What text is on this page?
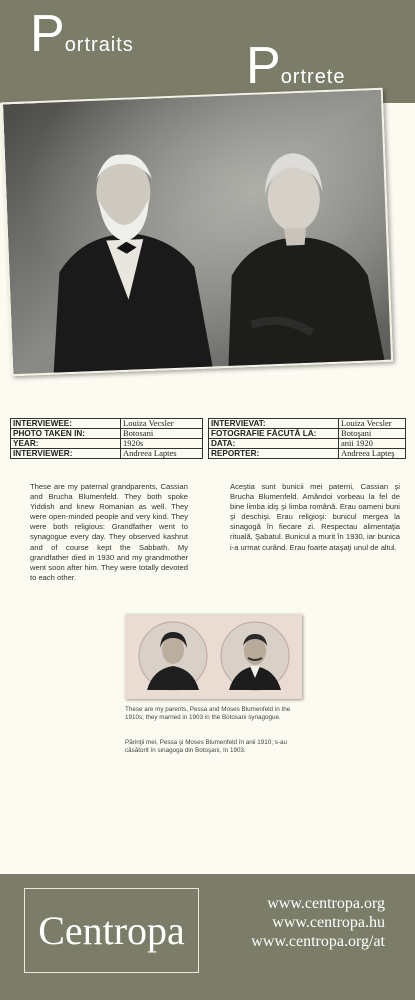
Portraits Portrete
INTERVIEWEE:	Louiza Vecsler
PHOTO TAKEN IN:	Botosani
YEAR:	1920s
INTERVIEWER:	Andreea Laptes
INTERVIEVAT:	Louiza Vecsler
FOTOGRAFIE FĂCUTĂ LA:	Botoşani
DATA:	anii 1920
REPORTER:	Andreea Lapteş
These are my paternal grandparents, Cassian and Brucha Blumenfeld. They both spoke Yiddish and knew Romanian as well. They were open-minded people and very kind. They were both religious: Grandfather went to synagogue every day. They observed kashrut and of course kept the Sabbath. My grandfather died in 1930 and my grandmother went soon after him. They were totally devoted to each other.
Aceştia sunt bunicii mei paterni, Cassian şi Brucha Blumenfeld. Amândoi vorbeau la fel de bine limba idiş şi limba română. Erau oameni buni şi deschişi. Erau religioşi: bunicul mergea la sinagogă în fiecare zi. Respectau alimentaţia rituală, Şabatul. Bunicul a murit în 1930, iar bunica i-a urmat curând. Erau foarte ataşaţi unul de altul.
These are my parents, Pessa and Moses Blumenfeld in the 1910s; they married in 1903 in the Botosani synagogue.
Părinţii mei, Pessa şi Moses Blumenfeld în anii 1910; s-au căsătorit în sinagoga din Botoşani, în 1903.
Centropa
www.centropa.org
www.centropa.hu
www.centropa.org/at
